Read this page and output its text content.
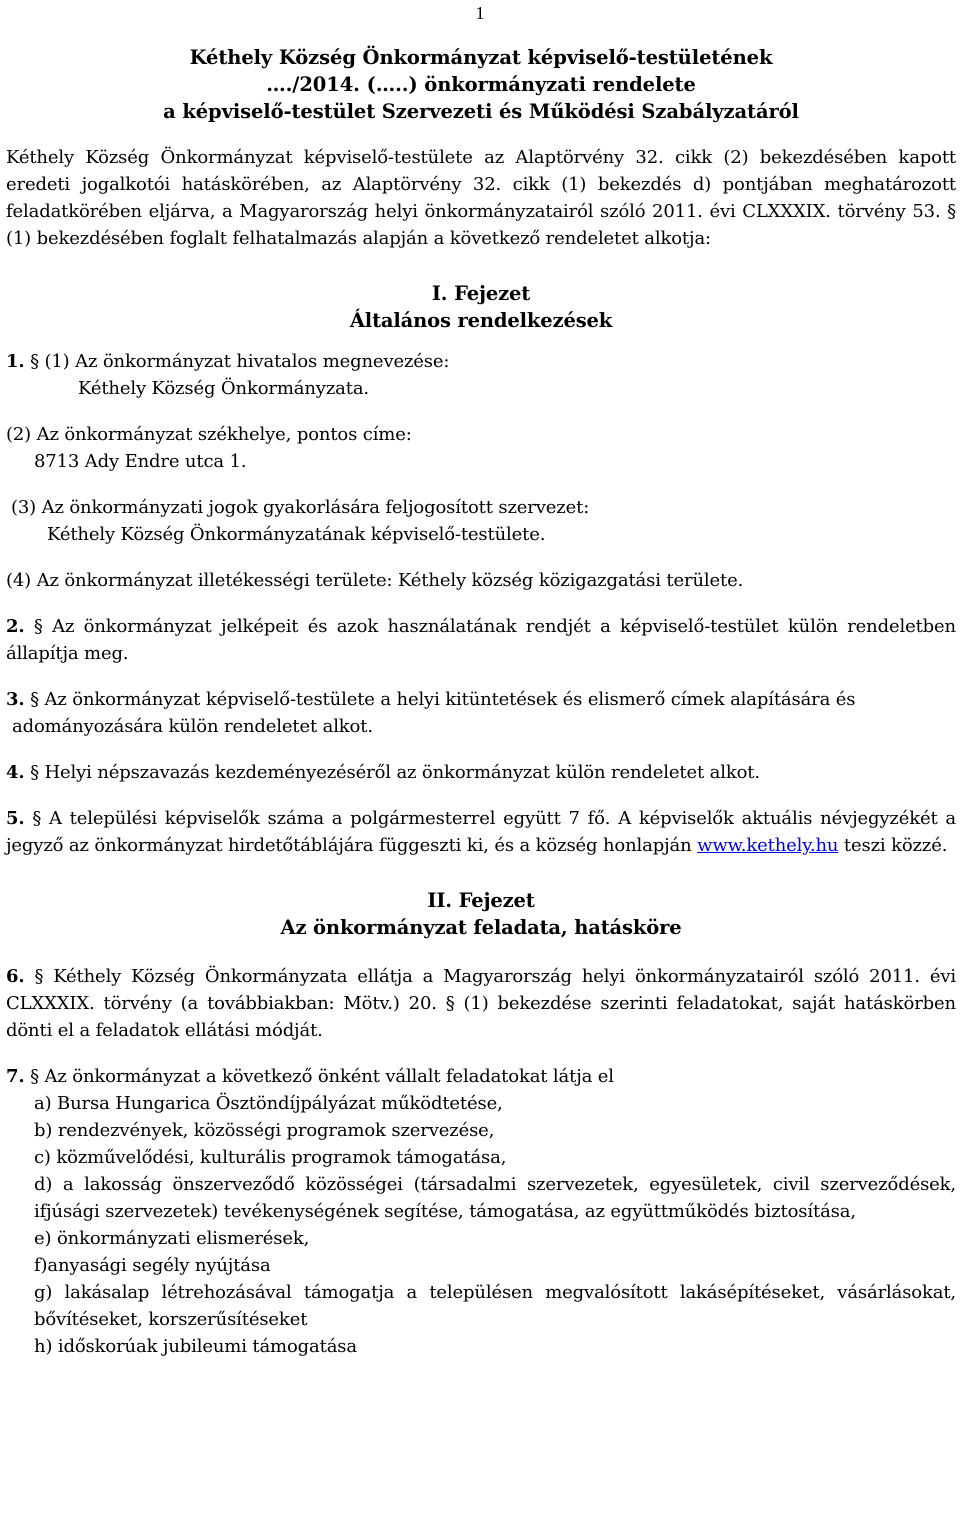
1

Kéthely Község Önkormányzat képviselő-testületének

…./2014. (…..) önkormányzati rendelete

a képviselő-testület Szervezeti és Működési Szabályzatáról

Kéthely Község Önkormányzat képviselő-testülete az Alaptörvény 32. cikk (2) bekezdésében kapott eredeti jogalkotói hatáskörében, az Alaptörvény 32. cikk (1) bekezdés d) pontjában meghatározott feladatkörében eljárva, a Magyarország helyi önkormányzatairól szóló 2011. évi CLXXXIX. törvény 53. § (1) bekezdésében foglalt felhatalmazás alapján a következő rendeletet alkotja:

I. Fejezet

Általános rendelkezések

1. § (1) Az önkormányzat hivatalos megnevezése:

Kéthely Község Önkormányzata.

(2) Az önkormányzat székhelye, pontos címe:

8713 Ady Endre utca 1.

(3) Az önkormányzati jogok gyakorlására feljogosított szervezet:

Kéthely Község Önkormányzatának képviselő-testülete.

(4) Az önkormányzat illetékességi területe: Kéthely község közigazgatási területe.

2. § Az önkormányzat jelképeit és azok használatának rendjét a képviselő-testület külön rendeletben állapítja meg.

3. § Az önkormányzat képviselő-testülete a helyi kitüntetések és elismerő címek alapítására és

adományozására külön rendeletet alkot.

4. § Helyi népszavazás kezdeményezéséről az önkormányzat külön rendeletet alkot.

5. § A települési képviselők száma a polgármesterrel együtt 7 fő. A képviselők aktuális névjegyzékét a jegyző az önkormányzat hirdetőtáblájára függeszti ki, és a község honlapján www.kethely.hu teszi közzé.

II. Fejezet

Az önkormányzat feladata, hatásköre

6. § Kéthely Község Önkormányzata ellátja a Magyarország helyi önkormányzatairól szóló 2011. évi CLXXXIX. törvény (a továbbiakban: Mötv.) 20. § (1) bekezdése szerinti feladatokat, saját hatáskörben dönti el a feladatok ellátási módját.

7. § Az önkormányzat a következő önként vállalt feladatokat látja el

a) Bursa Hungarica Ösztöndíjpályázat működtetése,

b) rendezvények, közösségi programok szervezése,

c) közművelődési, kulturális programok támogatása,

d) a lakosság önszerveződő közösségei (társadalmi szervezetek, egyesületek, civil szerveződések, ifjúsági szervezetek) tevékenységének segítése, támogatása, az együttműködés biztosítása,

e) önkormányzati elismerések,

f)anyasági segély nyújtása

g) lakásalap létrehozásával támogatja a településen megvalósított lakásépítéseket, vásárlásokat, bővítéseket, korszerűsítéseket

h) időskorúak jubileumi támogatása
